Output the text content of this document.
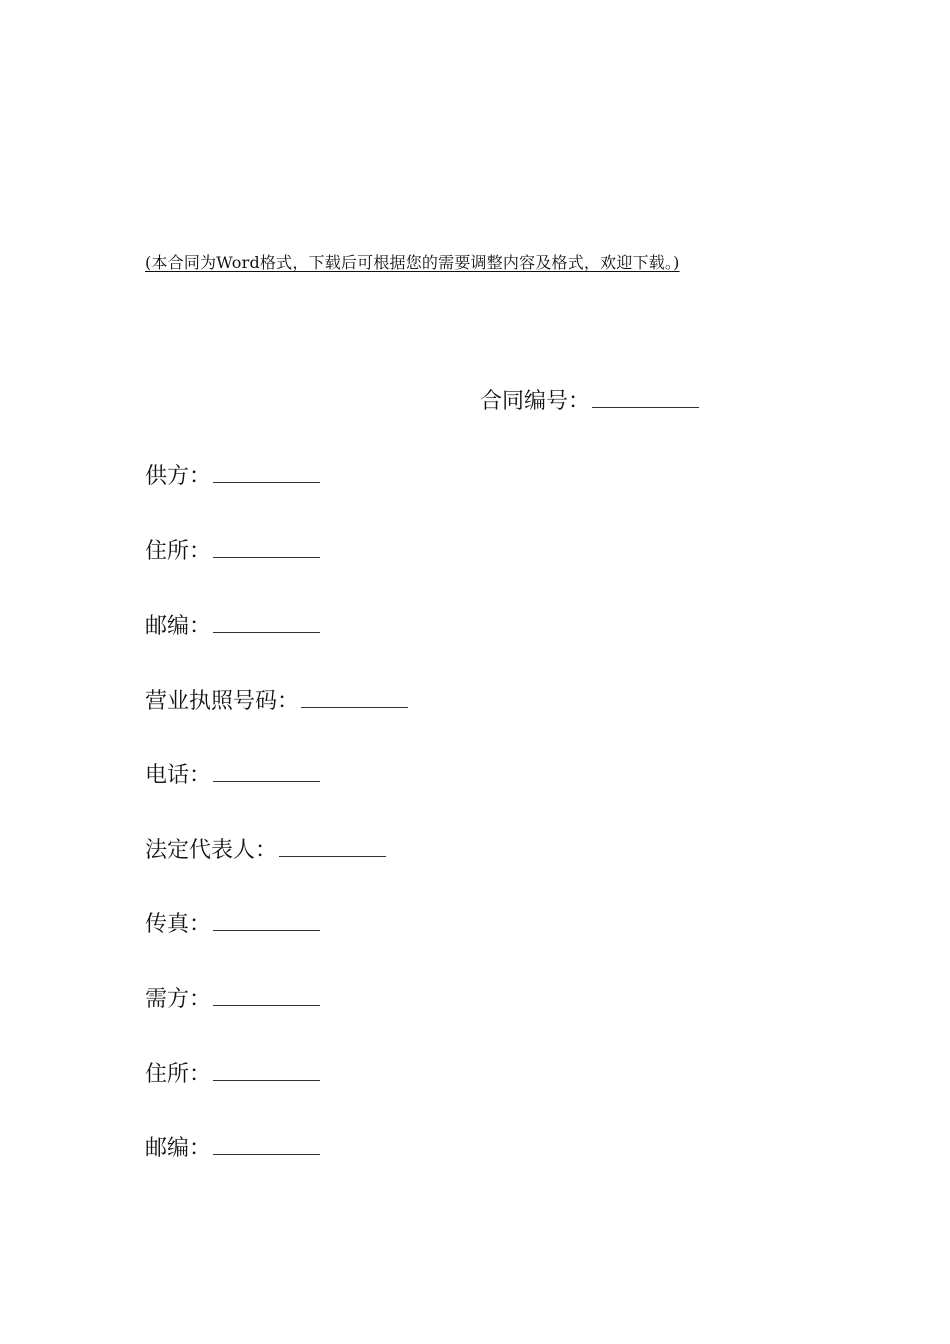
(本合同为Word格式，下载后可根据您的需要调整内容及格式，欢迎下载。)
合同编号：
供方：
住所：
邮编：
营业执照号码：
电话：
法定代表人：
传真：
需方：
住所：
邮编：
